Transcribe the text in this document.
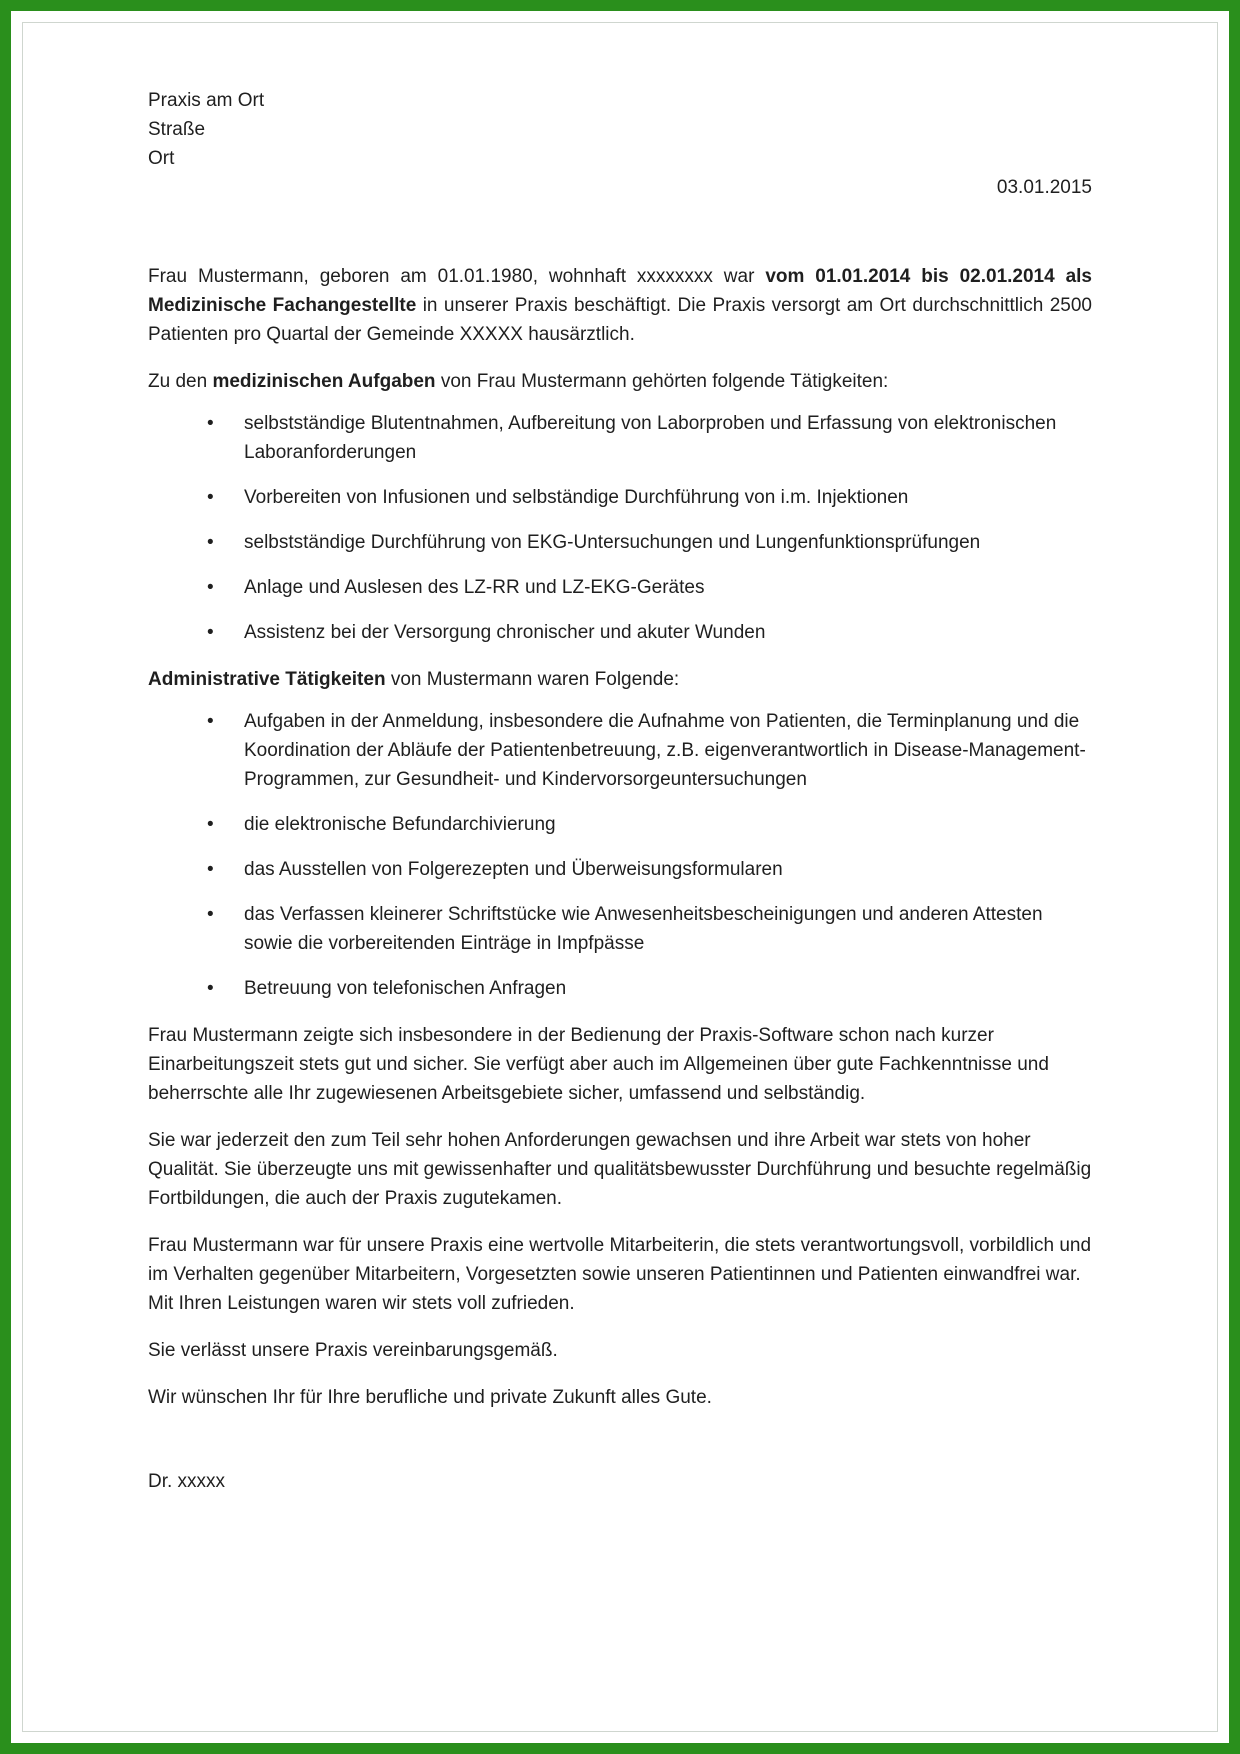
Praxis am Ort
Straße
Ort
03.01.2015

Frau Mustermann, geboren am 01.01.1980, wohnhaft xxxxxxxx war vom 01.01.2014 bis 02.01.2014 als Medizinische Fachangestellte in unserer Praxis beschäftigt. Die Praxis versorgt am Ort durchschnittlich 2500 Patienten pro Quartal der Gemeinde XXXXX hausärztlich.

Zu den medizinischen Aufgaben von Frau Mustermann gehörten folgende Tätigkeiten:

• selbstständige Blutentnahmen, Aufbereitung von Laborproben und Erfassung von elektronischen Laboranforderungen
• Vorbereiten von Infusionen und selbständige Durchführung von i.m. Injektionen
• selbstständige Durchführung von EKG-Untersuchungen und Lungenfunktionsprüfungen
• Anlage und Auslesen des LZ-RR und LZ-EKG-Gerätes
• Assistenz bei der Versorgung chronischer und akuter Wunden

Administrative Tätigkeiten von Mustermann waren Folgende:

• Aufgaben in der Anmeldung, insbesondere die Aufnahme von Patienten, die Terminplanung und die Koordination der Abläufe der Patientenbetreuung, z.B. eigenverantwortlich in Disease-Management-Programmen, zur Gesundheit- und Kindervorsorgeuntersuchungen
• die elektronische Befundarchivierung
• das Ausstellen von Folgerezepten und Überweisungsformularen
• das Verfassen kleinerer Schriftstücke wie Anwesenheitsbescheinigungen und anderen Attesten sowie die vorbereitenden Einträge in Impfpässe
• Betreuung von telefonischen Anfragen

Frau Mustermann zeigte sich insbesondere in der Bedienung der Praxis-Software schon nach kurzer Einarbeitungszeit stets gut und sicher. Sie verfügt aber auch im Allgemeinen über gute Fachkenntnisse und beherrschte alle Ihr zugewiesenen Arbeitsgebiete sicher, umfassend und selbständig.

Sie war jederzeit den zum Teil sehr hohen Anforderungen gewachsen und ihre Arbeit war stets von hoher Qualität. Sie überzeugte uns mit gewissenhafter und qualitätsbewusster Durchführung und besuchte regelmäßig Fortbildungen, die auch der Praxis zugutekamen.

Frau Mustermann war für unsere Praxis eine wertvolle Mitarbeiterin, die stets verantwortungsvoll, vorbildlich und im Verhalten gegenüber Mitarbeitern, Vorgesetzten sowie unseren Patientinnen und Patienten einwandfrei war. Mit Ihren Leistungen waren wir stets voll zufrieden.

Sie verlässt unsere Praxis vereinbarungsgemäß.

Wir wünschen Ihr für Ihre berufliche und private Zukunft alles Gute.

Dr. xxxxx
